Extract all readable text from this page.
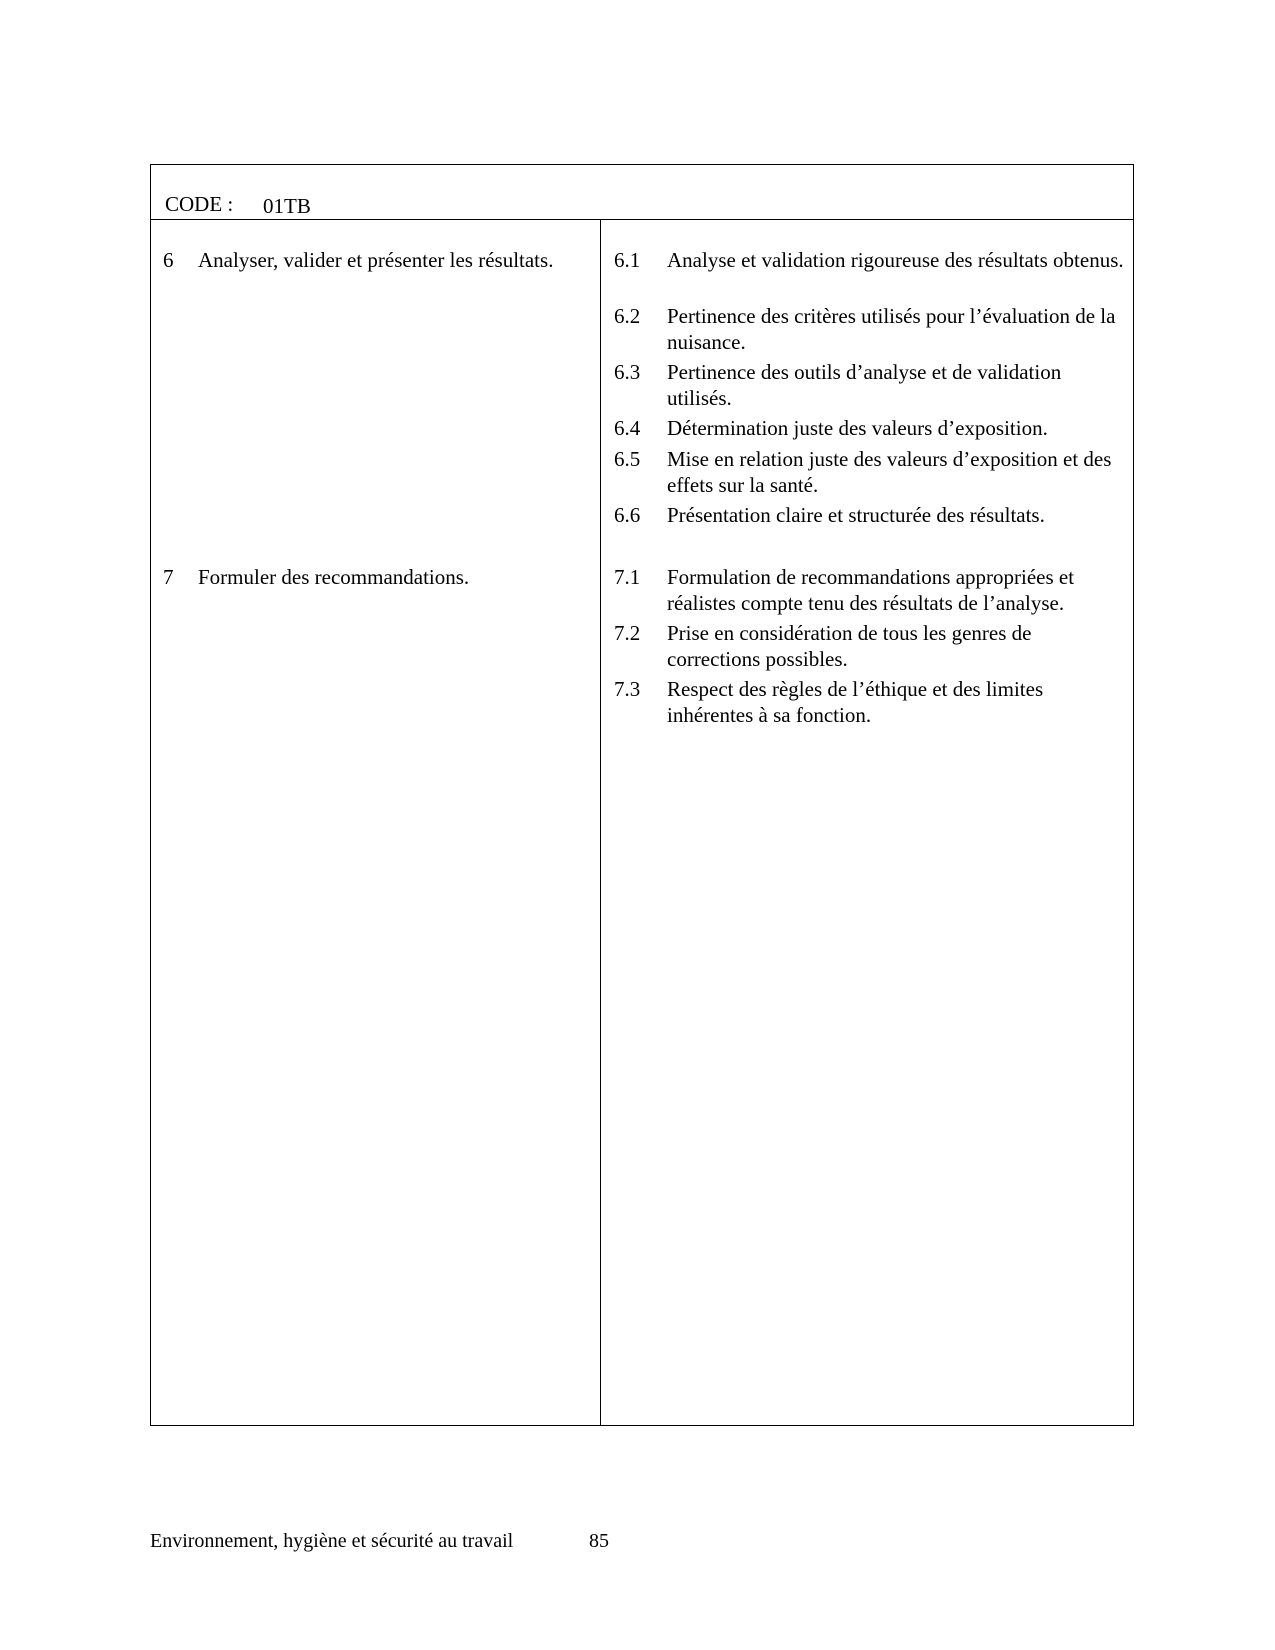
CODE : 01TB
6 Analyser, valider et présenter les résultats.	6.1 Analyse et validation rigoureuse des résultats obtenus.
6.2 Pertinence des critères utilisés pour l’évaluation de la nuisance.
6.3 Pertinence des outils d’analyse et de validation utilisés.
6.4 Détermination juste des valeurs d’exposition.
6.5 Mise en relation juste des valeurs d’exposition et des effets sur la santé.
6.6 Présentation claire et structurée des résultats.
7 Formuler des recommandations.	7.1 Formulation de recommandations appropriées et réalistes compte tenu des résultats de l’analyse.
7.2 Prise en considération de tous les genres de corrections possibles.
7.3 Respect des règles de l’éthique et des limites inhérentes à sa fonction.
Environnement, hygiène et sécurité au travail	85
